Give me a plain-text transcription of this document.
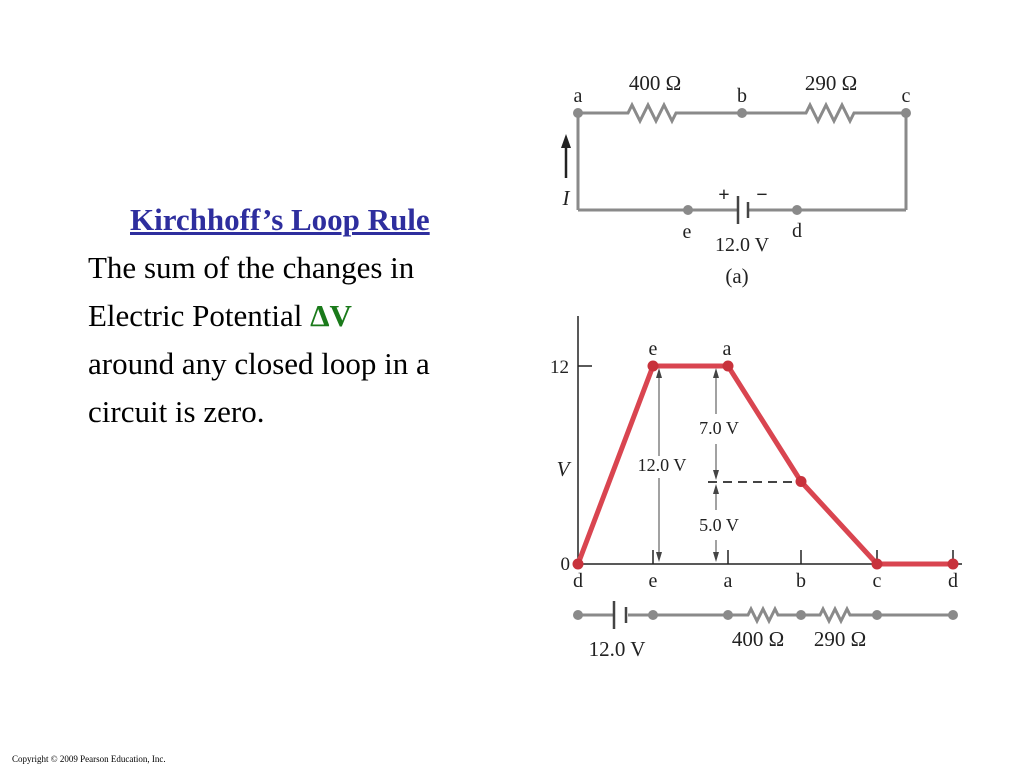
Kirchhoff’s Loop Rule
The sum of the changes in
Electric Potential ΔV
around any closed loop in a
circuit is zero.
a	b	c
e	d
400 Ω	290 Ω
+ −
I
12.0 V
(a)
12
0
V
d	e	a	b	c	d
12.0 V
7.0 V
5.0 V
e	a
12.0 V	400 Ω 290 Ω
Copyright © 2009 Pearson Education, Inc.
